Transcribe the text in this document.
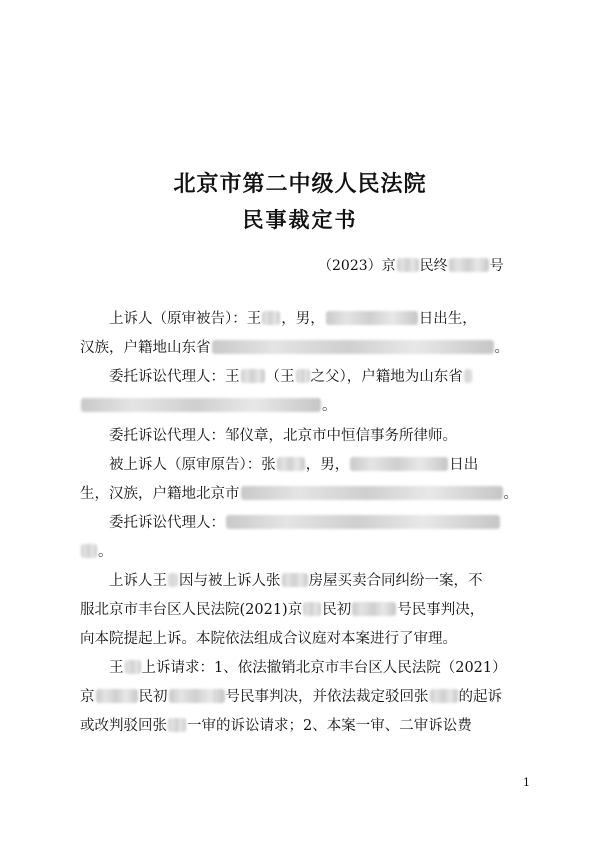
北京市第二中级人民法院
民事裁定书
（2023）京 民终	号
上诉人（原审被告）：王 ，男，	日出生，
汉族，户籍地山东省	。
委托诉讼代理人：王 （王 之父），户籍地为山东省
。
委托诉讼代理人：邹仪章，北京市中恒信事务所律师。
被上诉人（原审原告）：张 ，男，	日出
生，汉族，户籍地北京市	。
委托诉讼代理人：
。
上诉人王 因与被上诉人张 房屋买卖合同纠纷一案，不
服北京市丰台区人民法院(2021)京 民初	号民事判决，
向本院提起上诉。本院依法组成合议庭对本案进行了审理。
王 上诉请求：1、依法撤销北京市丰台区人民法院（2021）
京	民初	号民事判决，并依法裁定驳回张 的起诉
或改判驳回张 一审的诉讼请求；2、本案一审、二审诉讼费
1
